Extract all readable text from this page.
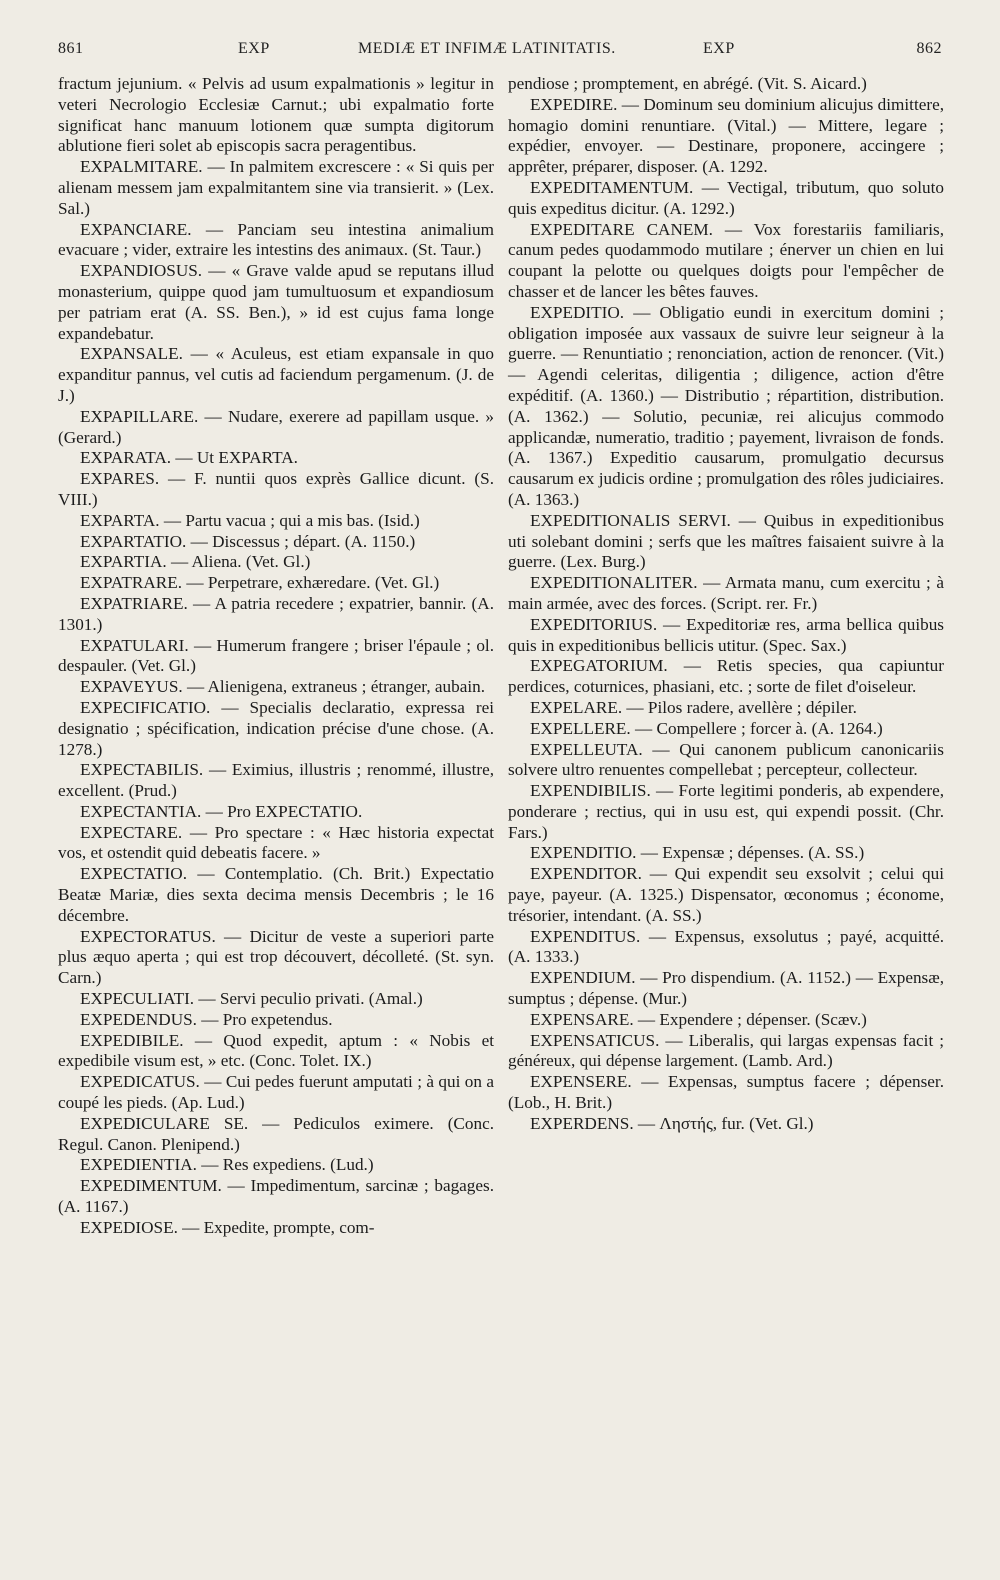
861	EXP	MEDIÆ ET INFIMÆ LATINITATIS.	EXP	862

fractum jejunium. « Pelvis ad usum expalmationis » legitur in veteri Necrologio Ecclesiæ Carnut.; ubi expalmatio forte significat hanc manuum lotionem quæ sumpta digitorum ablutione fieri solet ab episcopis sacra peragentibus.

EXPALMITARE. — In palmitem excrescere : « Si quis per alienam messem jam expalmitantem sine via transierit. » (Lex. Sal.)

EXPANCIARE. — Panciam seu intestina animalium evacuare ; vider, extraire les intestins des animaux. (St. Taur.)

EXPANDIOSUS. — « Grave valde apud se reputans illud monasterium, quippe quod jam tumultuosum et expandiosum per patriam erat (A. SS. Ben.), » id est cujus fama longe expandebatur.

EXPANSALE. — « Aculeus, est etiam expansale in quo expanditur pannus, vel cutis ad faciendum pergamenum. (J. de J.)

EXPAPILLARE. — Nudare, exerere ad papillam usque. » (Gerard.)

EXPARATA. — Ut EXPARTA.

EXPARES. — F. nuntii quos exprès Gallice dicunt. (S. VIII.)

EXPARTA. — Partu vacua ; qui a mis bas. (Isid.)

EXPARTATIO. — Discessus ; départ. (A. 1150.)

EXPARTIA. — Aliena. (Vet. Gl.)

EXPATRARE. — Perpetrare, exhæredare. (Vet. Gl.)

EXPATRIARE. — A patria recedere ; expatrier, bannir. (A. 1301.)

EXPATULARI. — Humerum frangere ; briser l'épaule ; ol. despauler. (Vet. Gl.)

EXPAVEYUS. — Alienigena, extraneus ; étranger, aubain.

EXPECIFICATIO. — Specialis declaratio, expressa rei designatio ; spécification, indication précise d'une chose. (A. 1278.)

EXPECTABILIS. — Eximius, illustris ; renommé, illustre, excellent. (Prud.)

EXPECTANTIA. — Pro EXPECTATIO.

EXPECTARE. — Pro spectare : « Hæc historia expectat vos, et ostendit quid debeatis facere. »

EXPECTATIO. — Contemplatio. (Ch. Brit.) Expectatio Beatæ Mariæ, dies sexta decima mensis Decembris ; le 16 décembre.

EXPECTORATUS. — Dicitur de veste a superiori parte plus æquo aperta ; qui est trop découvert, décolleté. (St. syn. Carn.)

EXPECULIATI. — Servi peculio privati. (Amal.)

EXPEDENDUS. — Pro expetendus.

EXPEDIBILE. — Quod expedit, aptum : « Nobis et expedibile visum est, » etc. (Conc. Tolet. IX.)

EXPEDICATUS. — Cui pedes fuerunt amputati ; à qui on a coupé les pieds. (Ap. Lud.)

EXPEDICULARE SE. — Pediculos eximere. (Conc. Regul. Canon. Plenipend.)

EXPEDIENTIA. — Res expediens. (Lud.)

EXPEDIMENTUM. — Impedimentum, sarcinæ ; bagages. (A. 1167.)

EXPEDIOSE. — Expedite, prompte, com-

pendiose ; promptement, en abrégé. (Vit. S. Aicard.)

EXPEDIRE. — Dominum seu dominium alicujus dimittere, homagio domini renuntiare. (Vital.) — Mittere, legare ; expédier, envoyer. — Destinare, proponere, accingere ; apprêter, préparer, disposer. (A. 1292.

EXPEDITAMENTUM. — Vectigal, tributum, quo soluto quis expeditus dicitur. (A. 1292.)

EXPEDITARE CANEM. — Vox forestariis familiaris, canum pedes quodammodo mutilare ; énerver un chien en lui coupant la pelotte ou quelques doigts pour l'empêcher de chasser et de lancer les bêtes fauves.

EXPEDITIO. — Obligatio eundi in exercitum domini ; obligation imposée aux vassaux de suivre leur seigneur à la guerre. — Renuntiatio ; renonciation, action de renoncer. (Vit.) — Agendi celeritas, diligentia ; diligence, action d'être expéditif. (A. 1360.) — Distributio ; répartition, distribution. (A. 1362.) — Solutio, pecuniæ, rei alicujus commodo applicandæ, numeratio, traditio ; payement, livraison de fonds. (A. 1367.) Expeditio causarum, promulgatio decursus causarum ex judicis ordine ; promulgation des rôles judiciaires. (A. 1363.)

EXPEDITIONALIS SERVI. — Quibus in expeditionibus uti solebant domini ; serfs que les maîtres faisaient suivre à la guerre. (Lex. Burg.)

EXPEDITIONALITER. — Armata manu, cum exercitu ; à main armée, avec des forces. (Script. rer. Fr.)

EXPEDITORIUS. — Expeditoriæ res, arma bellica quibus quis in expeditionibus bellicis utitur. (Spec. Sax.)

EXPEGATORIUM. — Retis species, qua capiuntur perdices, coturnices, phasiani, etc. ; sorte de filet d'oiseleur.

EXPELARE. — Pilos radere, avellère ; dépiler.

EXPELLERE. — Compellere ; forcer à. (A. 1264.)

EXPELLEUTA. — Qui canonem publicum canonicariis solvere ultro renuentes compellebat ; percepteur, collecteur.

EXPENDIBILIS. — Forte legitimi ponderis, ab expendere, ponderare ; rectius, qui in usu est, qui expendi possit. (Chr. Fars.)

EXPENDITIO. — Expensæ ; dépenses. (A. SS.)

EXPENDITOR. — Qui expendit seu exsolvit ; celui qui paye, payeur. (A. 1325.) Dispensator, œconomus ; économe, trésorier, intendant. (A. SS.)

EXPENDITUS. — Expensus, exsolutus ; payé, acquitté. (A. 1333.)

EXPENDIUM. — Pro dispendium. (A. 1152.) — Expensæ, sumptus ; dépense. (Mur.)

EXPENSARE. — Expendere ; dépenser. (Scæv.)

EXPENSATICUS. — Liberalis, qui largas expensas facit ; généreux, qui dépense largement. (Lamb. Ard.)

EXPENSERE. — Expensas, sumptus facere ; dépenser. (Lob., H. Brit.)

EXPERDENS. — Ληστής, fur. (Vet. Gl.)
